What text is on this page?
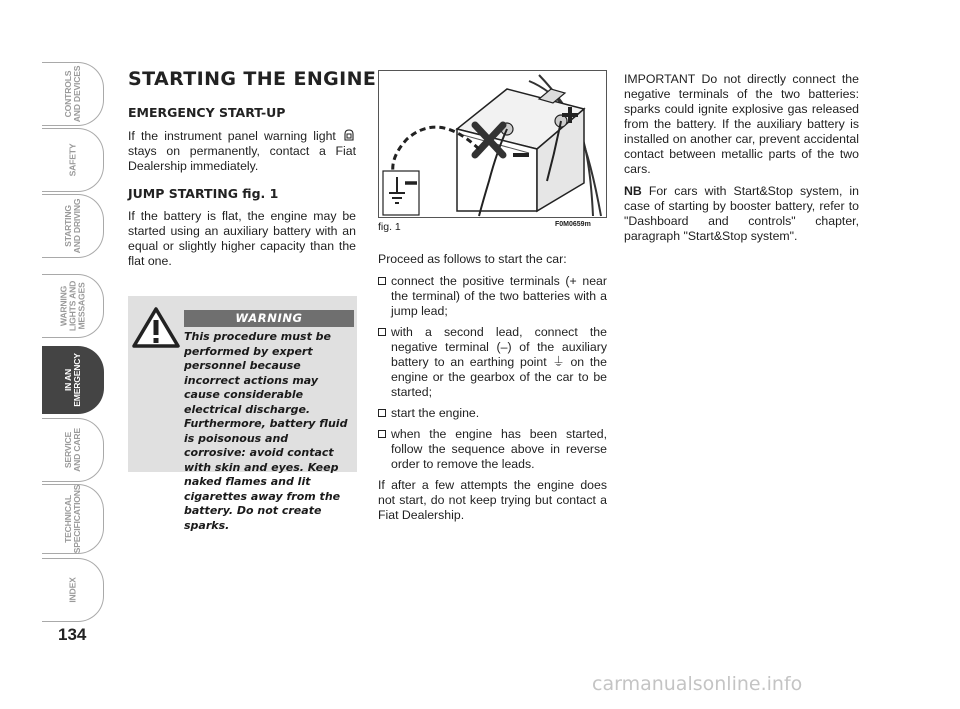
CONTROLS
AND DEVICES
SAFETY
STARTING
AND DRIVING
WARNING
LIGHTS AND
MESSAGES
IN AN
EMERGENCY
SERVICE
AND CARE
TECHNICAL
SPECIFICATIONS
INDEX
134
STARTING THE ENGINE
EMERGENCY START-UP

If the instrument panel warning light  stays on permanently, contact a Fiat Dealership immediately.

JUMP STARTING fig. 1

If the battery is flat, the engine may be started using an auxiliary battery with an equal or slightly higher capacity than the flat one.

WARNING
This procedure must be performed by expert personnel because incorrect actions may cause considerable electrical discharge. Furthermore, battery fluid is poisonous and corrosive: avoid contact with skin and eyes. Keep naked flames and lit cigarettes away from the battery. Do not create sparks.
fig. 1	F0M0659m

Proceed as follows to start the car:

connect the positive terminals (+ near the terminal) of the two batteries with a jump lead;
with a second lead, connect the negative terminal (–) of the auxiliary battery to an earthing point ⏚ on the engine or the gearbox of the car to be started;
start the engine.
when the engine has been started, follow the sequence above in reverse order to remove the leads.

If after a few attempts the engine does not start, do not keep trying but contact a Fiat Dealership.

IMPORTANT Do not directly connect the negative terminals of the two batteries: sparks could ignite explosive gas released from the battery. If the auxiliary battery is installed on another car, prevent accidental contact between metallic parts of the two cars.

NB For cars with Start&Stop system, in case of starting by booster battery, refer to "Dashboard and controls" chapter, paragraph "Start&Stop system".

carmanualsonline.info
